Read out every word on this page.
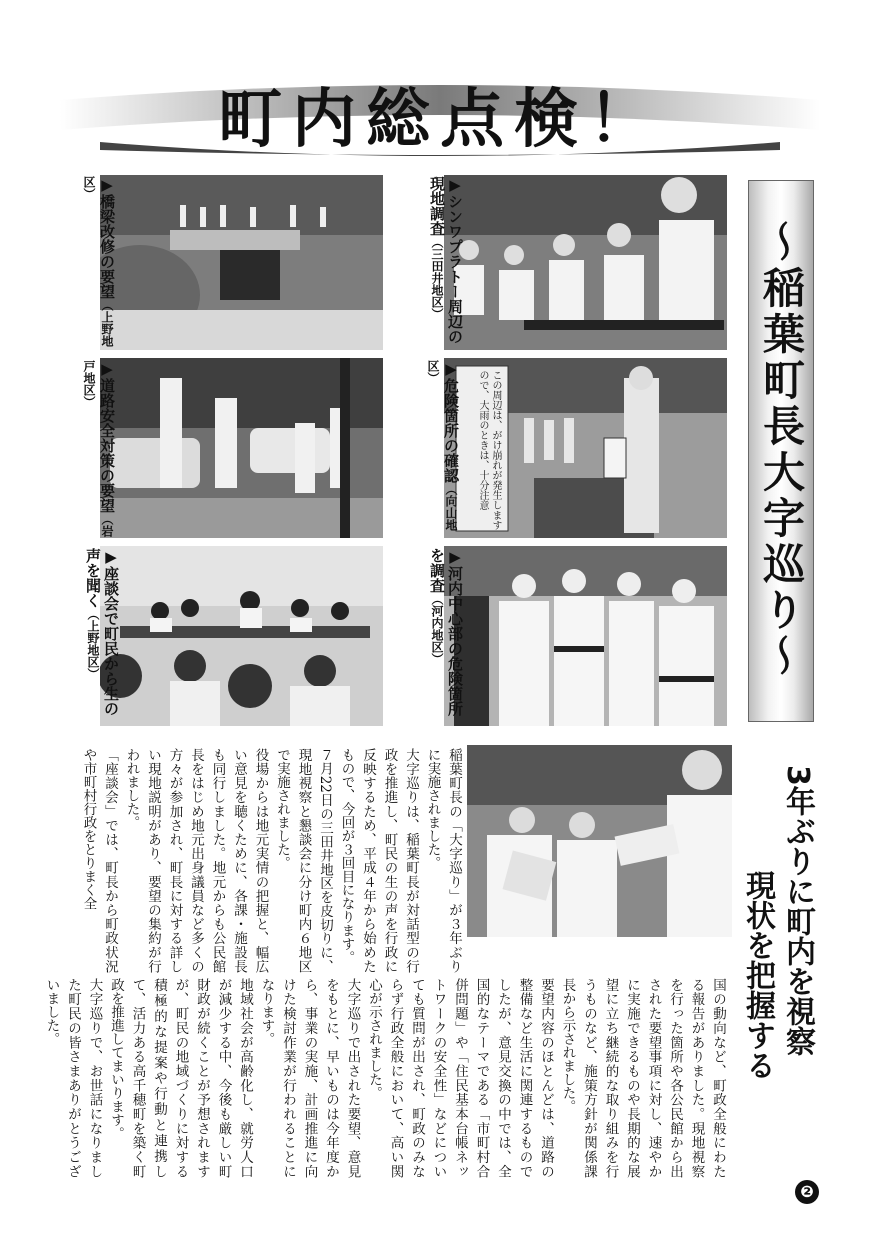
町内総点検！
～稲葉町長大字巡り～
▶橋梁改修の要望（上野地区）
▶道路安全対策の要望（岩戸地区）
▶座談会で町民から生の声を聞く（上野地区）
▶シンワプラトー周辺の現地調査（三田井地区）
この周辺は、がけ崩れが発生しますので、大雨のときは、十分注意
▶危険箇所の確認（向山地区）
▶河内中心部の危険箇所を調査（河内地区）
3年ぶりに町内を視察
現状を把握する
稲葉町長の「大字巡り」が３年ぶりに実施されました。
大字巡りは、稲葉町長が対話型の行政を推進し、町民の生の声を行政に反映するため、平成４年から始めたもので、今回が３回目になります。
７月22日の三田井地区を皮切りに、現地視察と懇談会に分け町内６地区で実施されました。
役場からは地元実情の把握と、幅広い意見を聴くために、各課・施設長も同行しました。地元からも公民館長をはじめ地元出身議員など多くの方々が参加され、町長に対する詳しい現地説明があり、要望の集約が行われました。
「座談会」では、町長から町政状況や市町村行政をとりまく全
国の動向など、町政全般にわたる報告がありました。現地視察を行った箇所や各公民館から出された要望事項に対し、速やかに実施できるものや長期的な展望に立ち継続的な取り組みを行うものなど、施策方針が関係課長から示されました。
要望内容のほとんどは、道路の整備など生活に関連するものでしたが、意見交換の中では、全国的なテーマである「市町村合併問題」や「住民基本台帳ネットワークの安全性」などについても質問が出され、町政のみならず行政全般において、高い関心が示されました。
大字巡りで出された要望、意見をもとに、早いものは今年度から、事業の実施、計画推進に向けた検討作業が行われることになります。
地域社会が高齢化し、就労人口が減少する中、今後も厳しい町財政が続くことが予想されますが、町民の地域づくりに対する積極的な提案や行動と連携して、活力ある高千穂町を築く町政を推進してまいります。
大字巡りで、お世話になりました町民の皆さまありがとうございました。
❷
